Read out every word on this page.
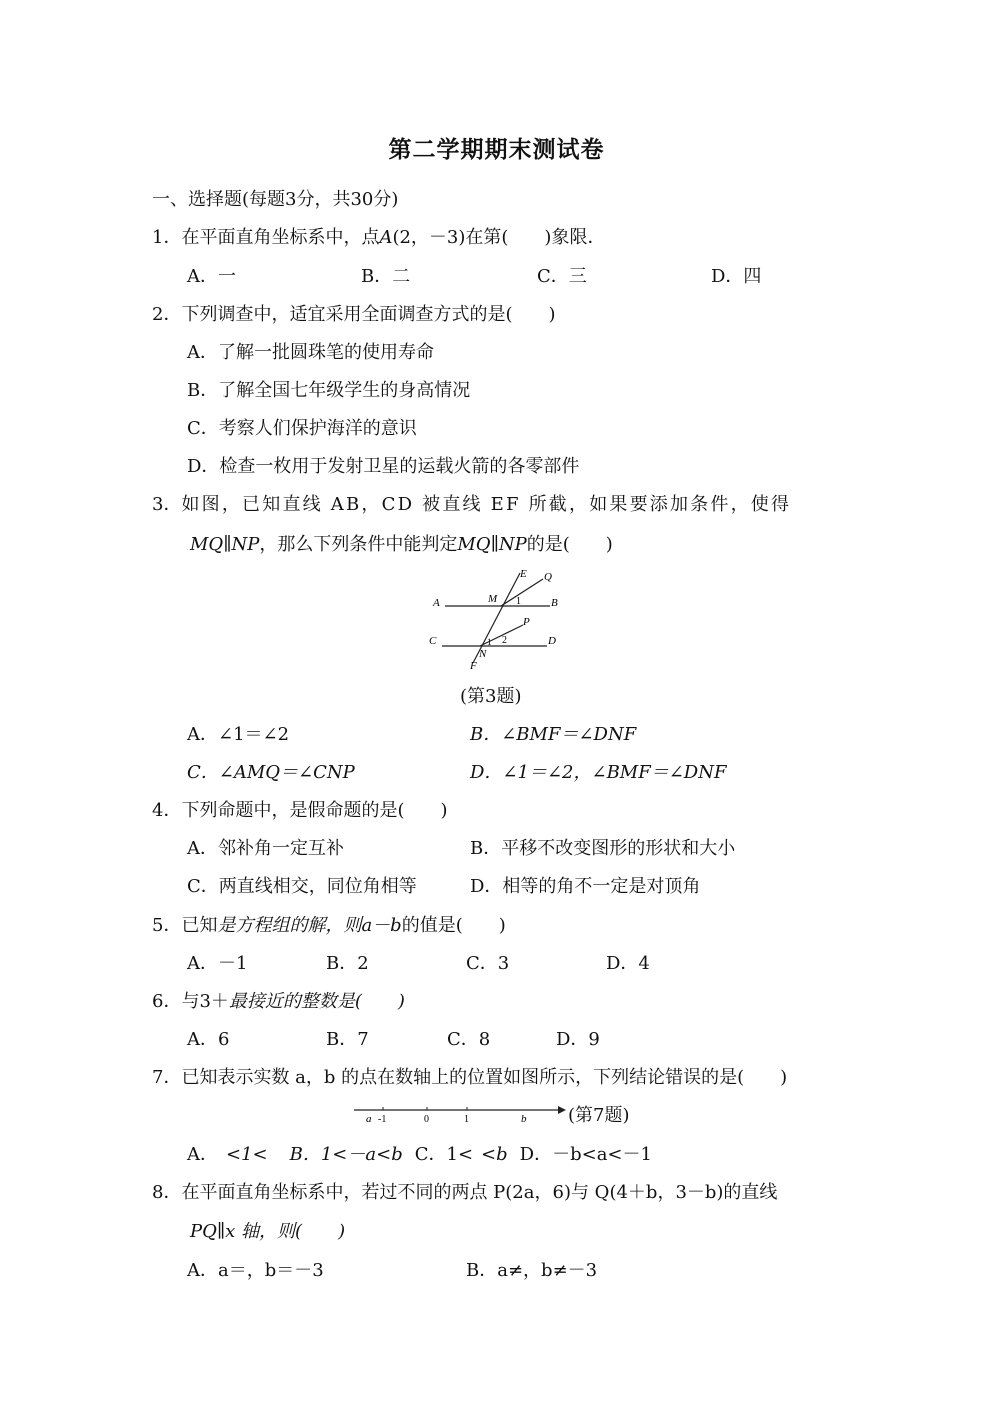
第二学期期末测试卷
一、选择题(每题3分，共30分)
1．在平面直角坐标系中，点A(2，－3)在第(　　)象限．
A．一	B．二	C．三	D．四
2．下列调查中，适宜采用全面调查方式的是(　　)
A．了解一批圆珠笔的使用寿命
B．了解全国七年级学生的身高情况
C．考察人们保护海洋的意识
D．检查一枚用于发射卫星的运载火箭的各零部件
3．如图，已知直线 AB，CD 被直线 EF 所截，如果要添加条件，使得
MQ∥NP，那么下列条件中能判定MQ∥NP的是(　　)
A	B
C	D
E
F
M
N
P
Q
1
1 2
(第3题)
A．∠1＝∠2	B．∠BMF＝∠DNF
C．∠AMQ＝∠CNP	D．∠1＝∠2，∠BMF＝∠DNF
4．下列命题中，是假命题的是(　　)
A．邻补角一定互补	B．平移不改变图形的形状和大小
C．两直线相交，同位角相等	D．相等的角不一定是对顶角
5．已知是方程组的解，则a－b的值是(　　)
A．－1	B．2	C．3	D．4
6．与3＋最接近的整数是(　　)
A．6	B．7	C．8	D．9
7．已知表示实数 a，b 的点在数轴上的位置如图所示，下列结论错误的是(　　)
a -1	0	1	b (第7题)
A． <1< B．1<－a<b C．1< <b D．－b<a<－1
8．在平面直角坐标系中，若过不同的两点 P(2a，6)与 Q(4＋b，3－b)的直线
PQ∥x 轴，则(　　)
A．a＝，b＝－3	B．a≠，b≠－3
